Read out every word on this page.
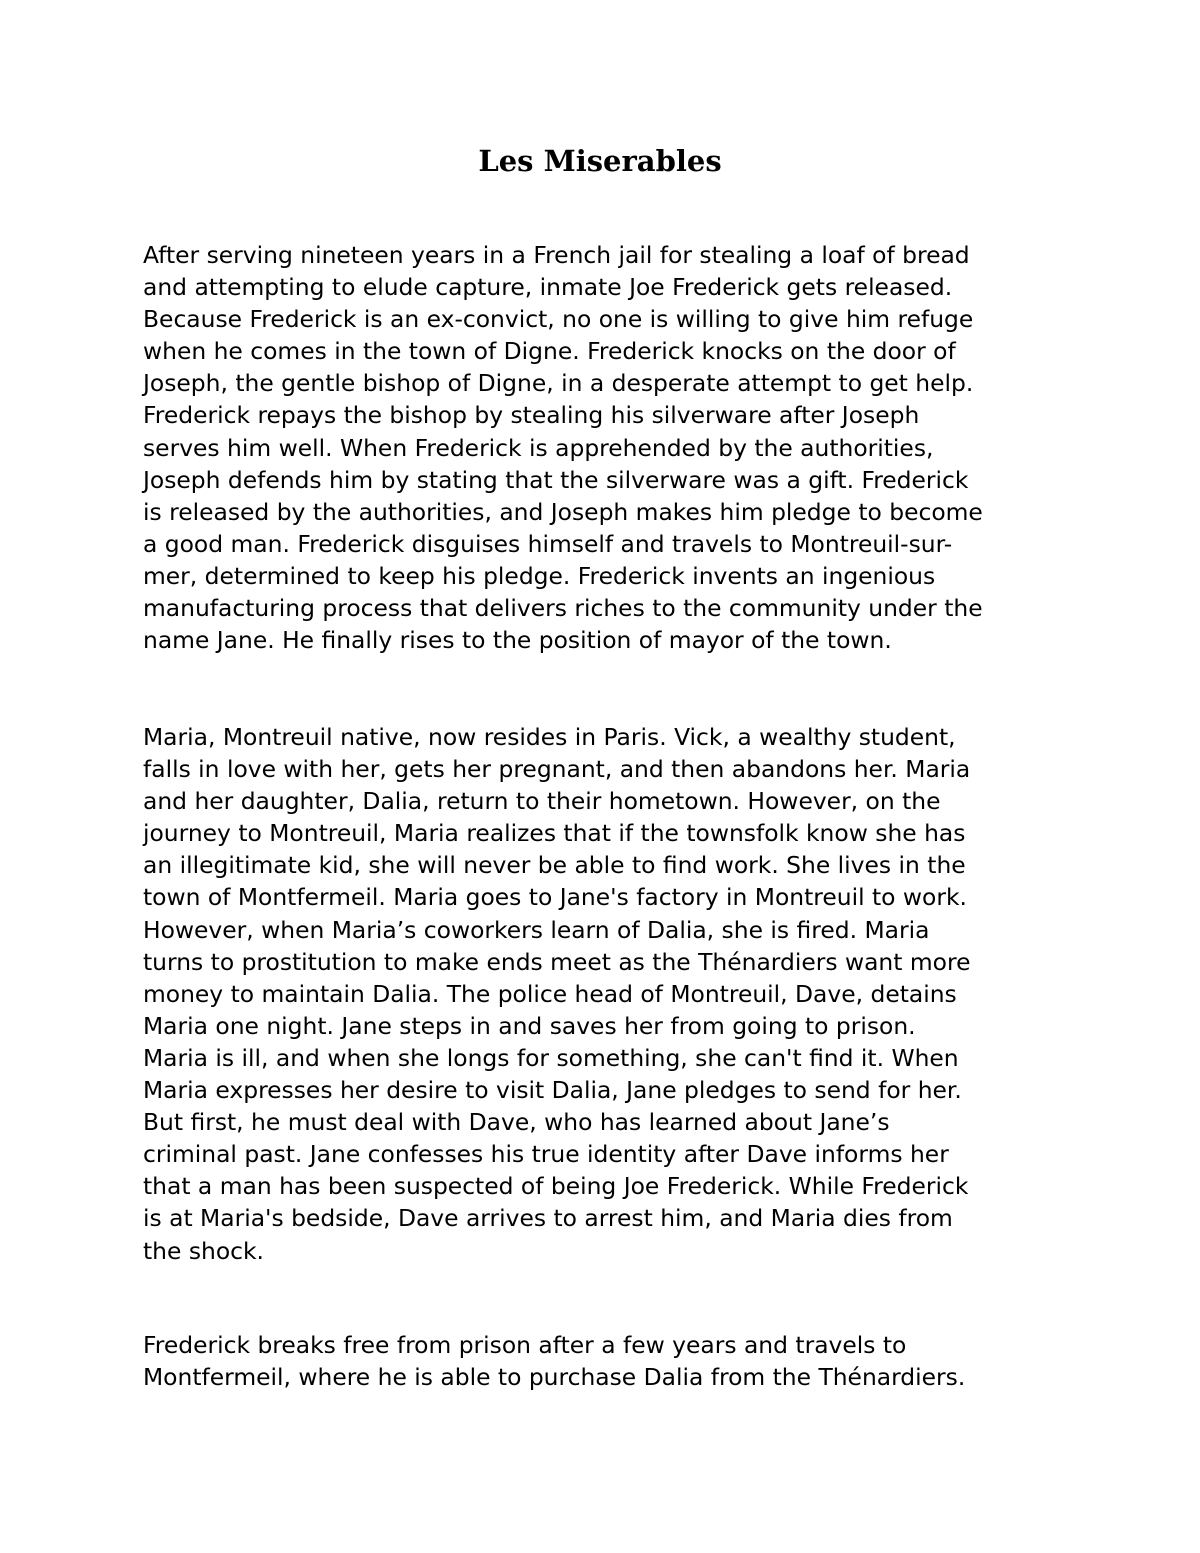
Les Miserables

After serving nineteen years in a French jail for stealing a loaf of bread
and attempting to elude capture, inmate Joe Frederick gets released.
Because Frederick is an ex-convict, no one is willing to give him refuge
when he comes in the town of Digne. Frederick knocks on the door of
Joseph, the gentle bishop of Digne, in a desperate attempt to get help.
Frederick repays the bishop by stealing his silverware after Joseph
serves him well. When Frederick is apprehended by the authorities,
Joseph defends him by stating that the silverware was a gift. Frederick
is released by the authorities, and Joseph makes him pledge to become
a good man. Frederick disguises himself and travels to Montreuil-sur-
mer, determined to keep his pledge. Frederick invents an ingenious
manufacturing process that delivers riches to the community under the
name Jane. He finally rises to the position of mayor of the town.

Maria, Montreuil native, now resides in Paris. Vick, a wealthy student,
falls in love with her, gets her pregnant, and then abandons her. Maria
and her daughter, Dalia, return to their hometown. However, on the
journey to Montreuil, Maria realizes that if the townsfolk know she has
an illegitimate kid, she will never be able to find work. She lives in the
town of Montfermeil. Maria goes to Jane's factory in Montreuil to work.
However, when Maria’s coworkers learn of Dalia, she is fired. Maria
turns to prostitution to make ends meet as the Thénardiers want more
money to maintain Dalia. The police head of Montreuil, Dave, detains
Maria one night. Jane steps in and saves her from going to prison.
Maria is ill, and when she longs for something, she can't find it. When
Maria expresses her desire to visit Dalia, Jane pledges to send for her.
But first, he must deal with Dave, who has learned about Jane’s
criminal past. Jane confesses his true identity after Dave informs her
that a man has been suspected of being Joe Frederick. While Frederick
is at Maria's bedside, Dave arrives to arrest him, and Maria dies from
the shock.

Frederick breaks free from prison after a few years and travels to
Montfermeil, where he is able to purchase Dalia from the Thénardiers.
